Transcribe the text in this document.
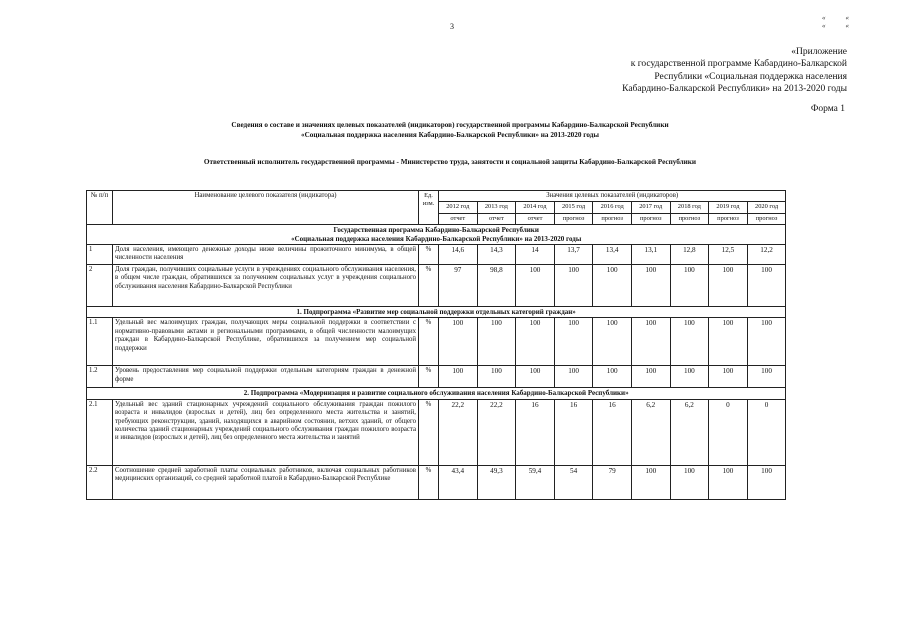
3
«« ««
«Приложение
к государственной программе Кабардино-Балкарской
Республики «Социальная поддержка населения
Кабардино-Балкарской Республики» на 2013-2020 годы
Форма 1
Сведения о составе и значениях целевых показателей (индикаторов) государственной программы Кабардино-Балкарской Республики
«Социальная поддержка населения Кабардино-Балкарской Республики» на 2013-2020 годы
Ответственный исполнитель государственной программы - Министерство труда, занятости и социальной защиты Кабардино-Балкарской Республики
№ п/п	Наименование целевого показателя (индикатора)	Ед. изм.	Значения целевых показателей (индикаторов)								
			2012 год	2013 год	2014 год	2015 год	2016 год	2017 год	2018 год	2019 год	2020 год
			отчет	отчет	отчет	прогноз	прогноз	прогноз	прогноз	прогноз	прогноз

Государственная программа Кабардино-Балкарской Республики
«Социальная поддержка населения Кабардино-Балкарской Республики» на 2013-2020 годы											

1	Доля населения, имеющего денежные доходы ниже величины прожиточного минимума, в общей численности населения	%	14,6	14,3	14	13,7	13,4	13,1	12,8	12,5	12,2
2	Доля граждан, получивших социальные услуги в учреждениях социального обслуживания населения, в общем числе граждан, обратившихся за получением социальных услуг в учреждения социального обслуживания населения Кабардино-Балкарской Республики	%	97	98,8	100	100	100	100	100	100	100
1. Подпрограмма «Развитие мер социальной поддержки отдельных категорий граждан»											
1.1	Удельный вес малоимущих граждан, получающих меры социальной поддержки в соответствии с нормативно-правовыми актами и региональными программами, в общей численности малоимущих граждан в Кабардино-Балкарской Республике, обратившихся за получением мер социальной поддержки	%	100	100	100	100	100	100	100	100	100
1.2	Уровень предоставления мер социальной поддержки отдельным категориям граждан в денежной форме	%	100	100	100	100	100	100	100	100	100
2. Подпрограмма «Модернизация и развитие социального обслуживания населения Кабардино-Балкарской Республики»											
2.1	Удельный вес зданий стационарных учреждений социального обслуживания граждан пожилого возраста и инвалидов (взрослых и детей), лиц без определенного места жительства и занятий, требующих реконструкции, зданий, находящихся в аварийном состоянии, ветхих зданий, от общего количества зданий стационарных учреждений социального обслуживания граждан пожилого возраста и инвалидов (взрослых и детей), лиц без определенного места жительства и занятий	%	22,2	22,2	16	16	16	6,2	6,2	0	0
2.2	Соотношение средней заработной платы социальных работников, включая социальных работников медицинских организаций, со средней заработной платой в Кабардино-Балкарской Республике	%	43,4	49,3	59,4	54	79	100	100	100	100
